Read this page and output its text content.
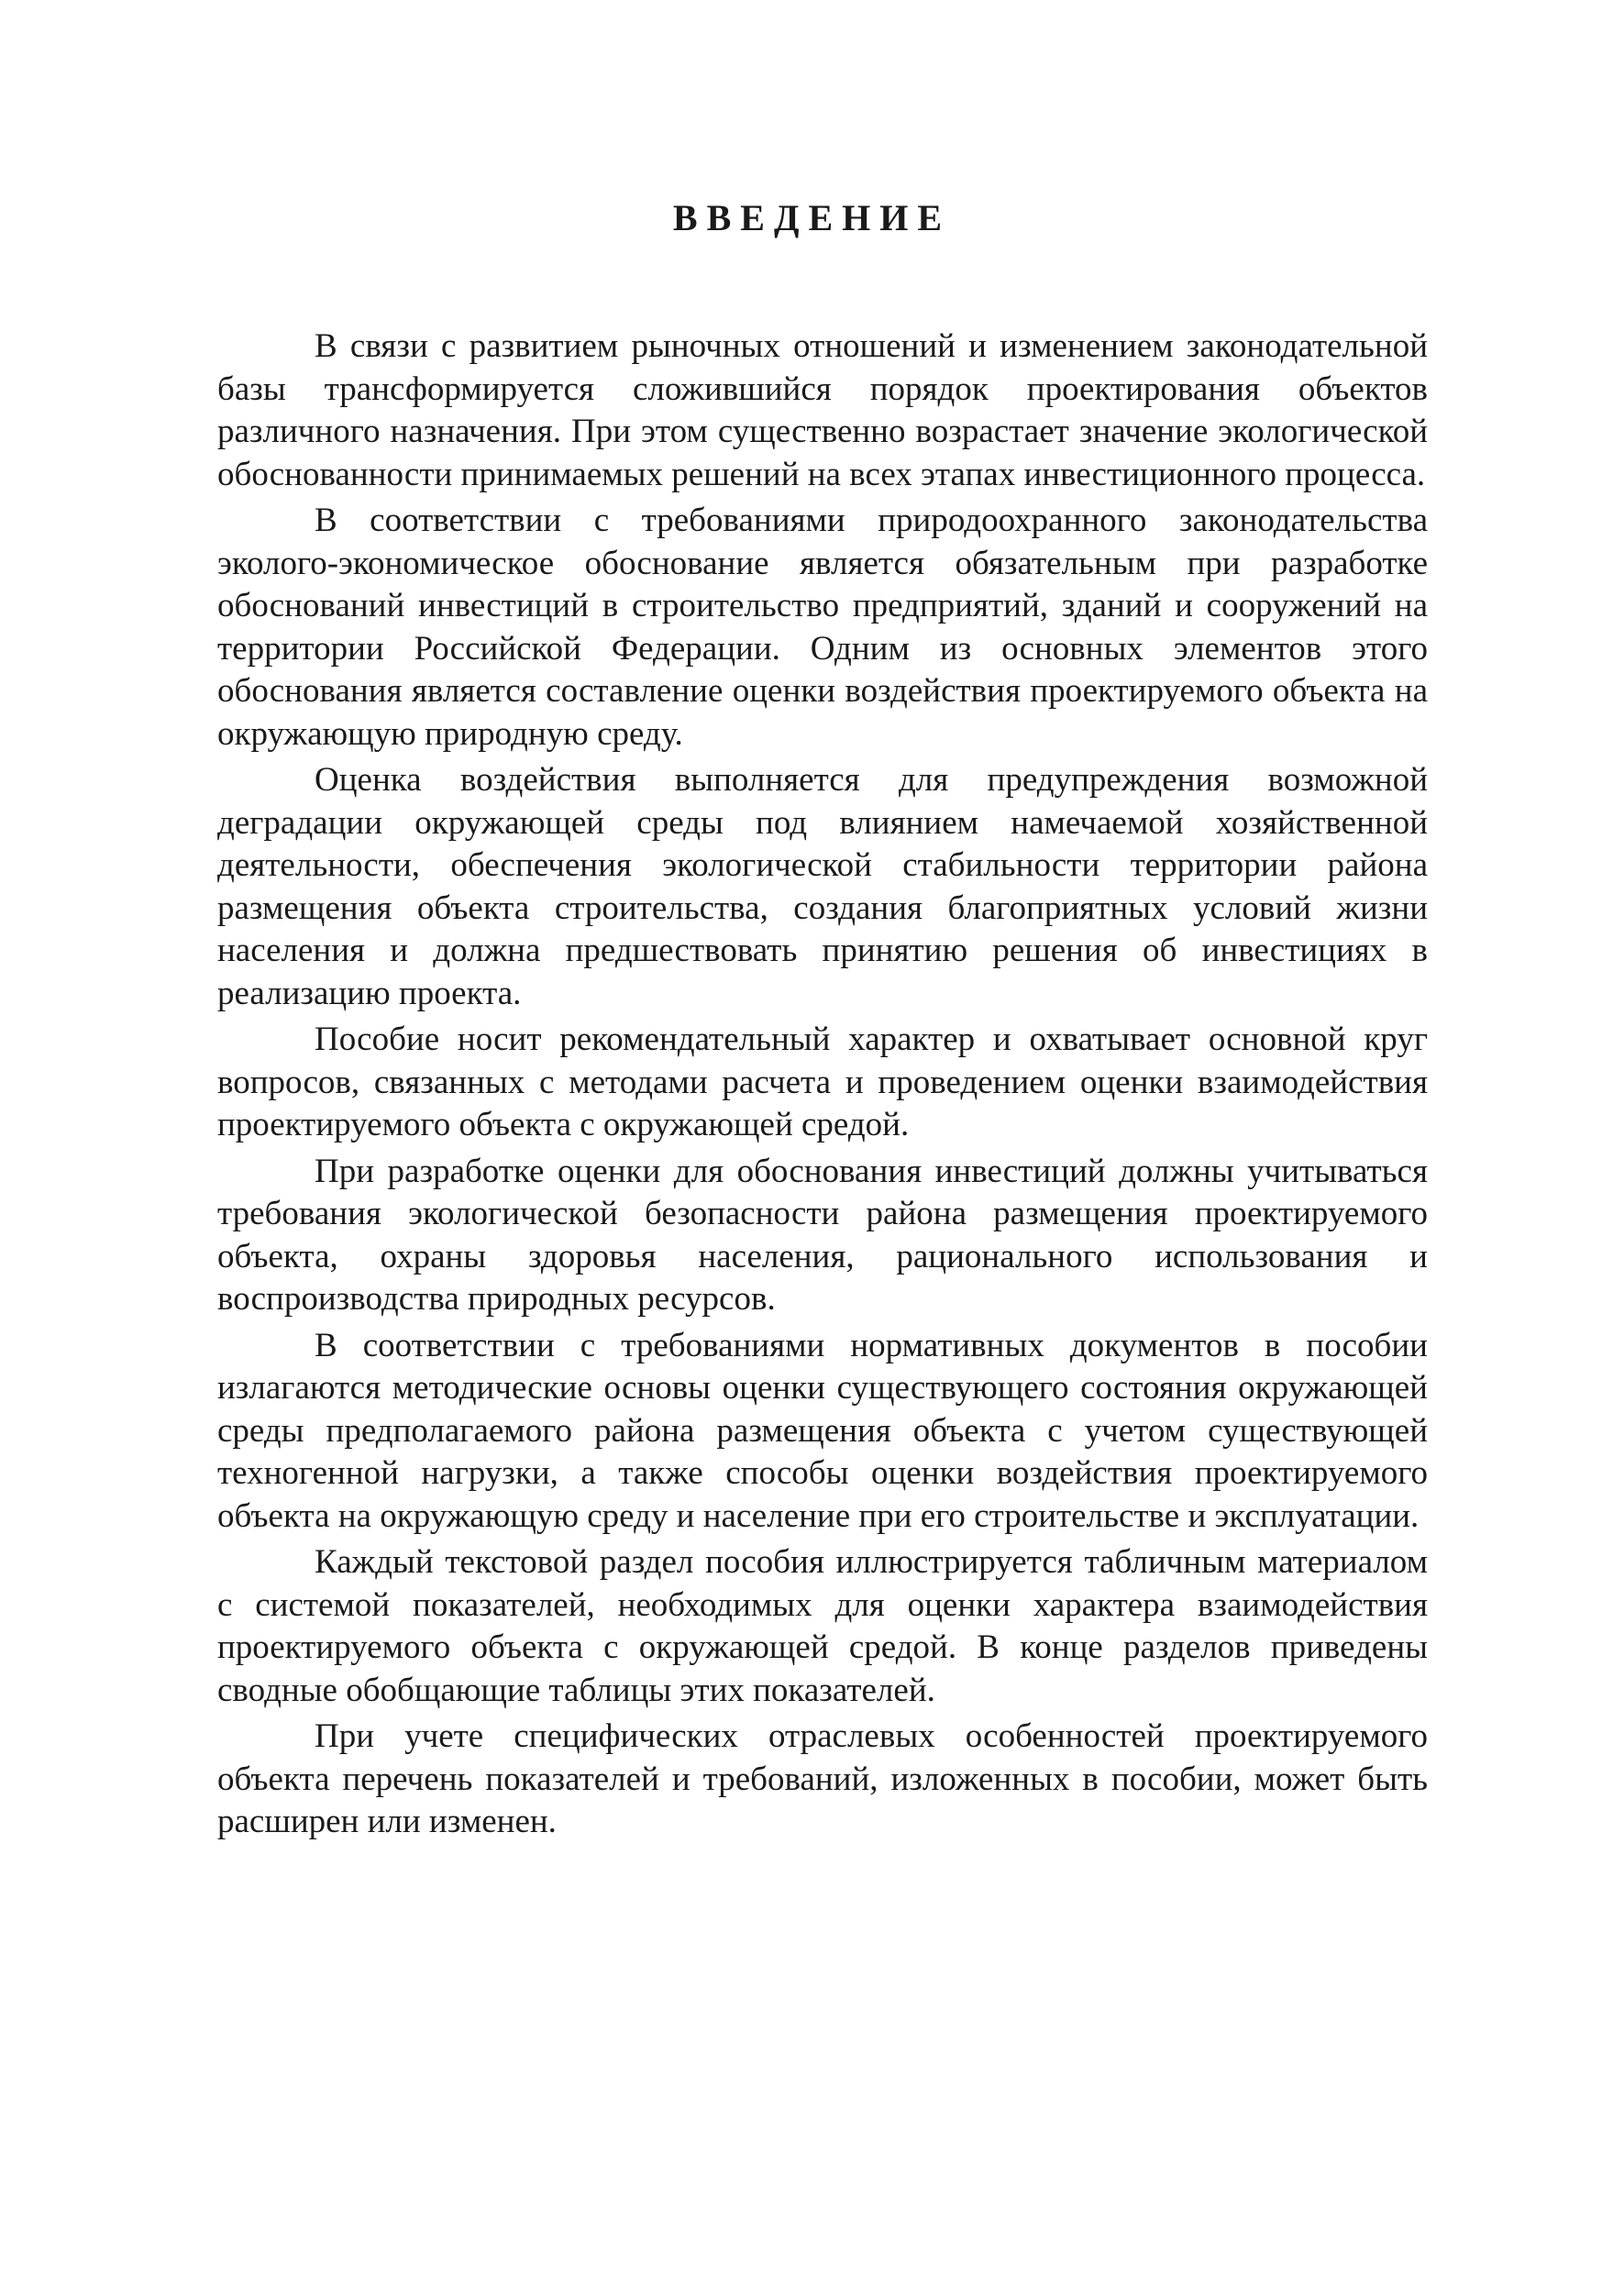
ВВЕДЕНИЕ

В связи с развитием рыночных отношений и изменением законодательной базы трансформируется сложившийся порядок проектирования объектов различного назначения. При этом существенно возрастает значение экологической обоснованности принимаемых решений на всех этапах инвестиционного процесса.

В соответствии с требованиями природоохранного законодательства эколого-экономическое обоснование является обязательным при разработке обоснований инвестиций в строительство предприятий, зданий и сооружений на территории Российской Федерации. Одним из основных элементов этого обоснования является составление оценки воздействия проектируемого объекта на окружающую природную среду.

Оценка воздействия выполняется для предупреждения возможной деградации окружающей среды под влиянием намечаемой хозяйственной деятельности, обеспечения экологической стабильности территории района размещения объекта строительства, создания благоприятных условий жизни населения и должна предшествовать принятию решения об инвестициях в реализацию проекта.

Пособие носит рекомендательный характер и охватывает основной круг вопросов, связанных с методами расчета и проведением оценки взаимодействия проектируемого объекта с окружающей средой.

При разработке оценки для обоснования инвестиций должны учитываться требования экологической безопасности района размещения проектируемого объекта, охраны здоровья населения, рационального использования и воспроизводства природных ресурсов.

В соответствии с требованиями нормативных документов в пособии излагаются методические основы оценки существующего состояния окружающей среды предполагаемого района размещения объекта с учетом существующей техногенной нагрузки, а также способы оценки воздействия проектируемого объекта на окружающую среду и население при его строительстве и эксплуатации.

Каждый текстовой раздел пособия иллюстрируется табличным материалом с системой показателей, необходимых для оценки характера взаимодействия проектируемого объекта с окружающей средой. В конце разделов приведены сводные обобщающие таблицы этих показателей.

При учете специфических отраслевых особенностей проектируемого объекта перечень показателей и требований, изложенных в пособии, может быть расширен или изменен.
